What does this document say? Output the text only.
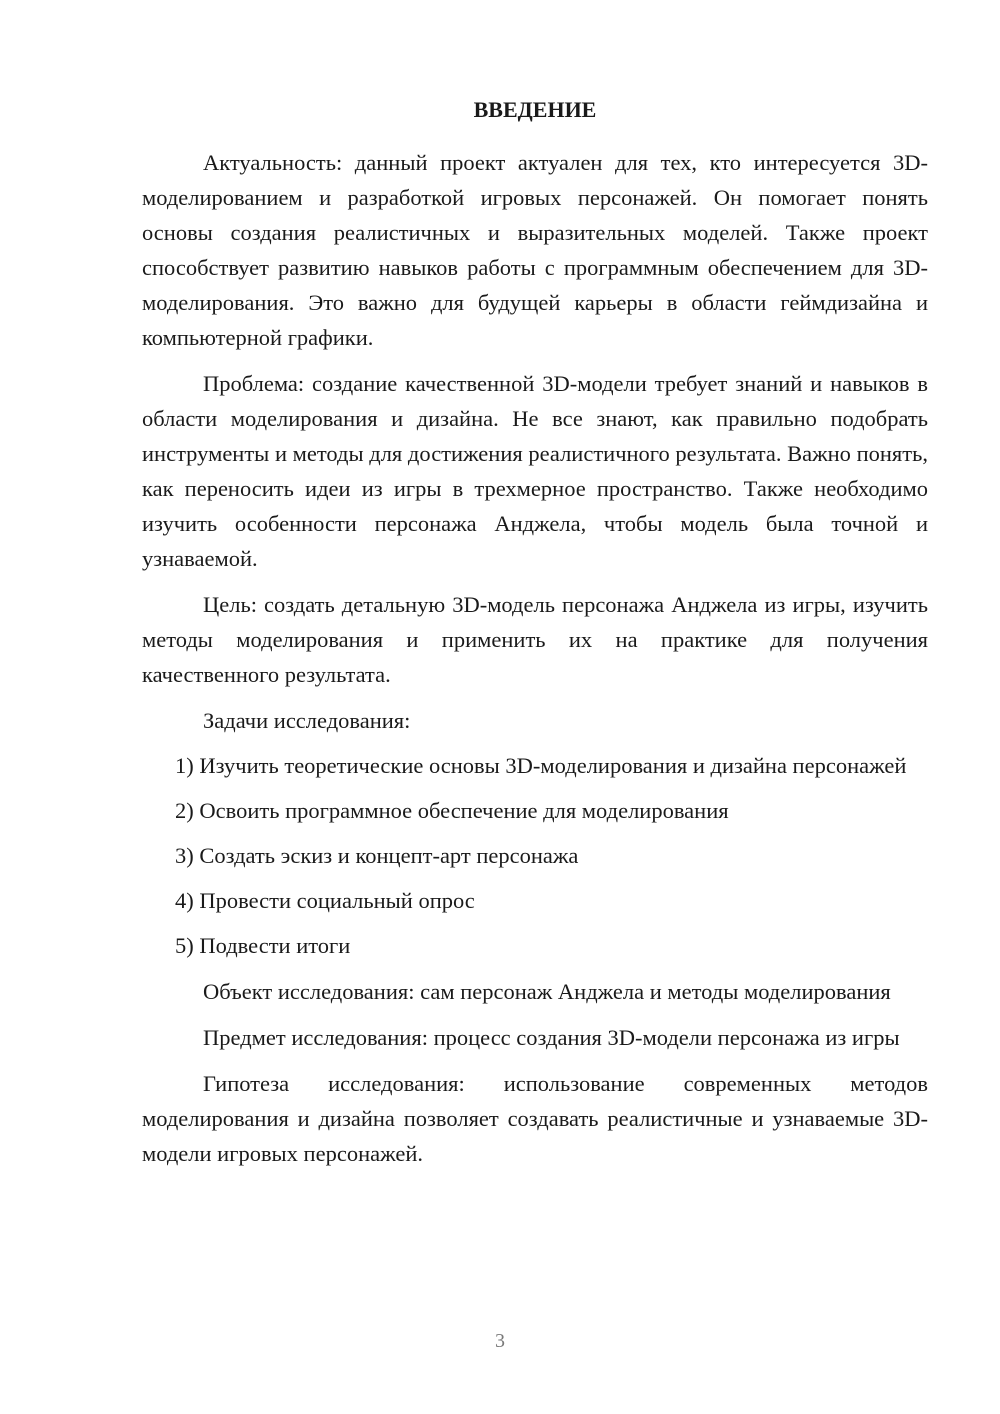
ВВЕДЕНИЕ

Актуальность: данный проект актуален для тех, кто интересуется 3D-моделированием и разработкой игровых персонажей. Он помогает понять основы создания реалистичных и выразительных моделей. Также проект способствует развитию навыков работы с программным обеспечением для 3D-моделирования. Это важно для будущей карьеры в области геймдизайна и компьютерной графики.

Проблема: создание качественной 3D-модели требует знаний и навыков в области моделирования и дизайна. Не все знают, как правильно подобрать инструменты и методы для достижения реалистичного результата. Важно понять, как переносить идеи из игры в трехмерное пространство. Также необходимо изучить особенности персонажа Анджела, чтобы модель была точной и узнаваемой.

Цель: создать детальную 3D-модель персонажа Анджела из игры, изучить методы моделирования и применить их на практике для получения качественного результата.

Задачи исследования:

1) Изучить теоретические основы 3D-моделирования и дизайна персонажей

2) Освоить программное обеспечение для моделирования

3) Создать эскиз и концепт-арт персонажа

4) Провести социальный опрос

5) Подвести итоги

Объект исследования: сам персонаж Анджела и методы моделирования

Предмет исследования: процесс создания 3D-модели персонажа из игры

Гипотеза исследования: использование современных методов моделирования и дизайна позволяет создавать реалистичные и узнаваемые 3D-модели игровых персонажей.

3
